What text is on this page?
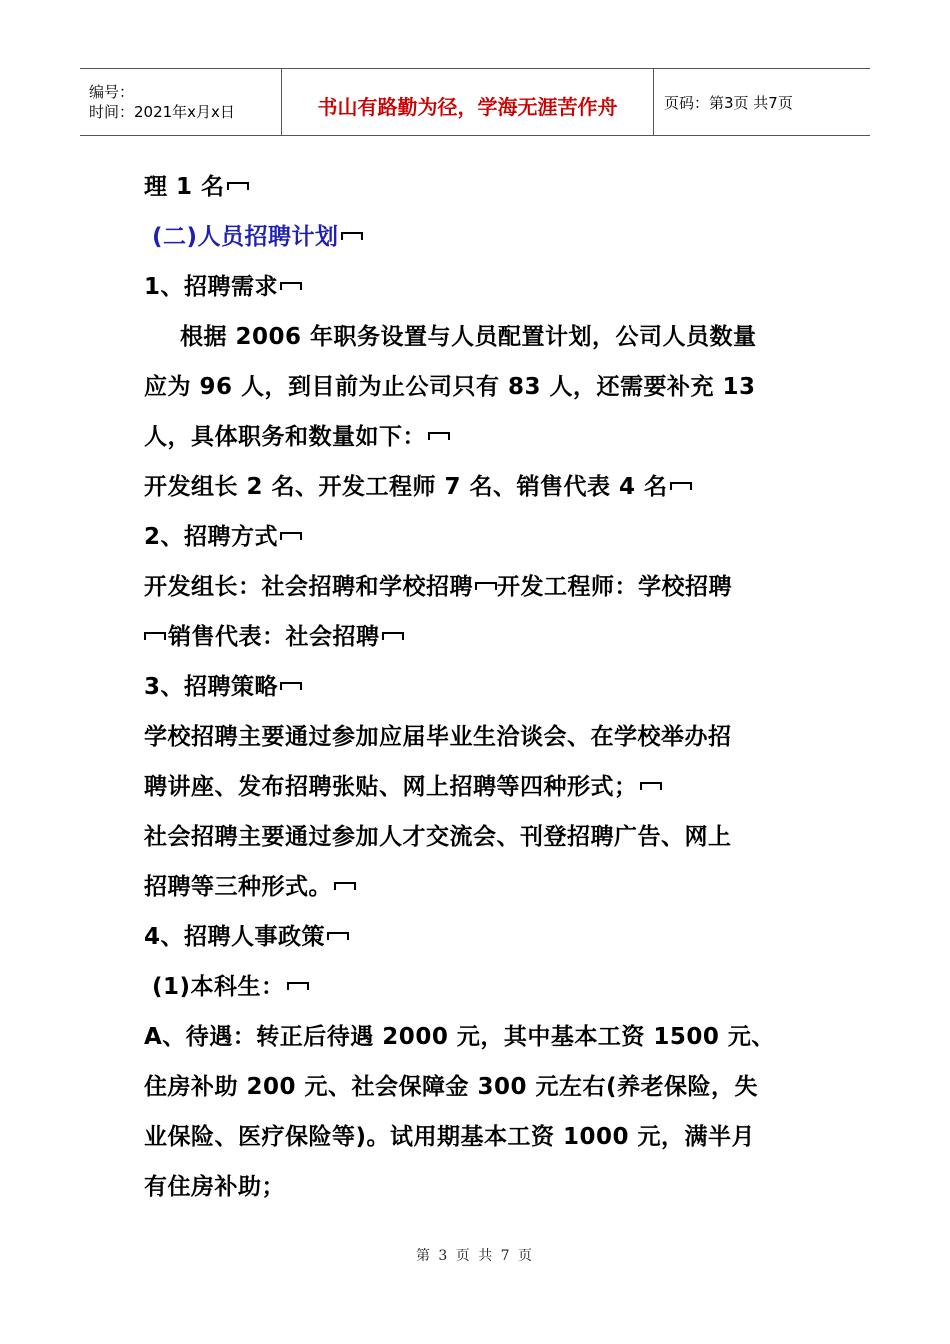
编号：
时间：2021年x月x日	书山有路勤为径，学海无涯苦作舟	页码：第3页 共7页
理 1 名
(二)人员招聘计划
1、招聘需求
根据 2006 年职务设置与人员配置计划，公司人员数量
应为 96 人，到目前为止公司只有 83 人，还需要补充 13
人，具体职务和数量如下：
开发组长 2 名、开发工程师 7 名、销售代表 4 名
2、招聘方式
开发组长：社会招聘和学校招聘 开发工程师：学校招聘
销售代表：社会招聘
3、招聘策略
学校招聘主要通过参加应届毕业生洽谈会、在学校举办招
聘讲座、发布招聘张贴、网上招聘等四种形式；
社会招聘主要通过参加人才交流会、刊登招聘广告、网上
招聘等三种形式。
4、招聘人事政策
(1)本科生：
A、待遇：转正后待遇 2000 元，其中基本工资 1500 元、
住房补助 200 元、社会保障金 300 元左右(养老保险，失
业保险、医疗保险等)。试用期基本工资 1000 元，满半月
有住房补助；
第 3 页 共 7 页
